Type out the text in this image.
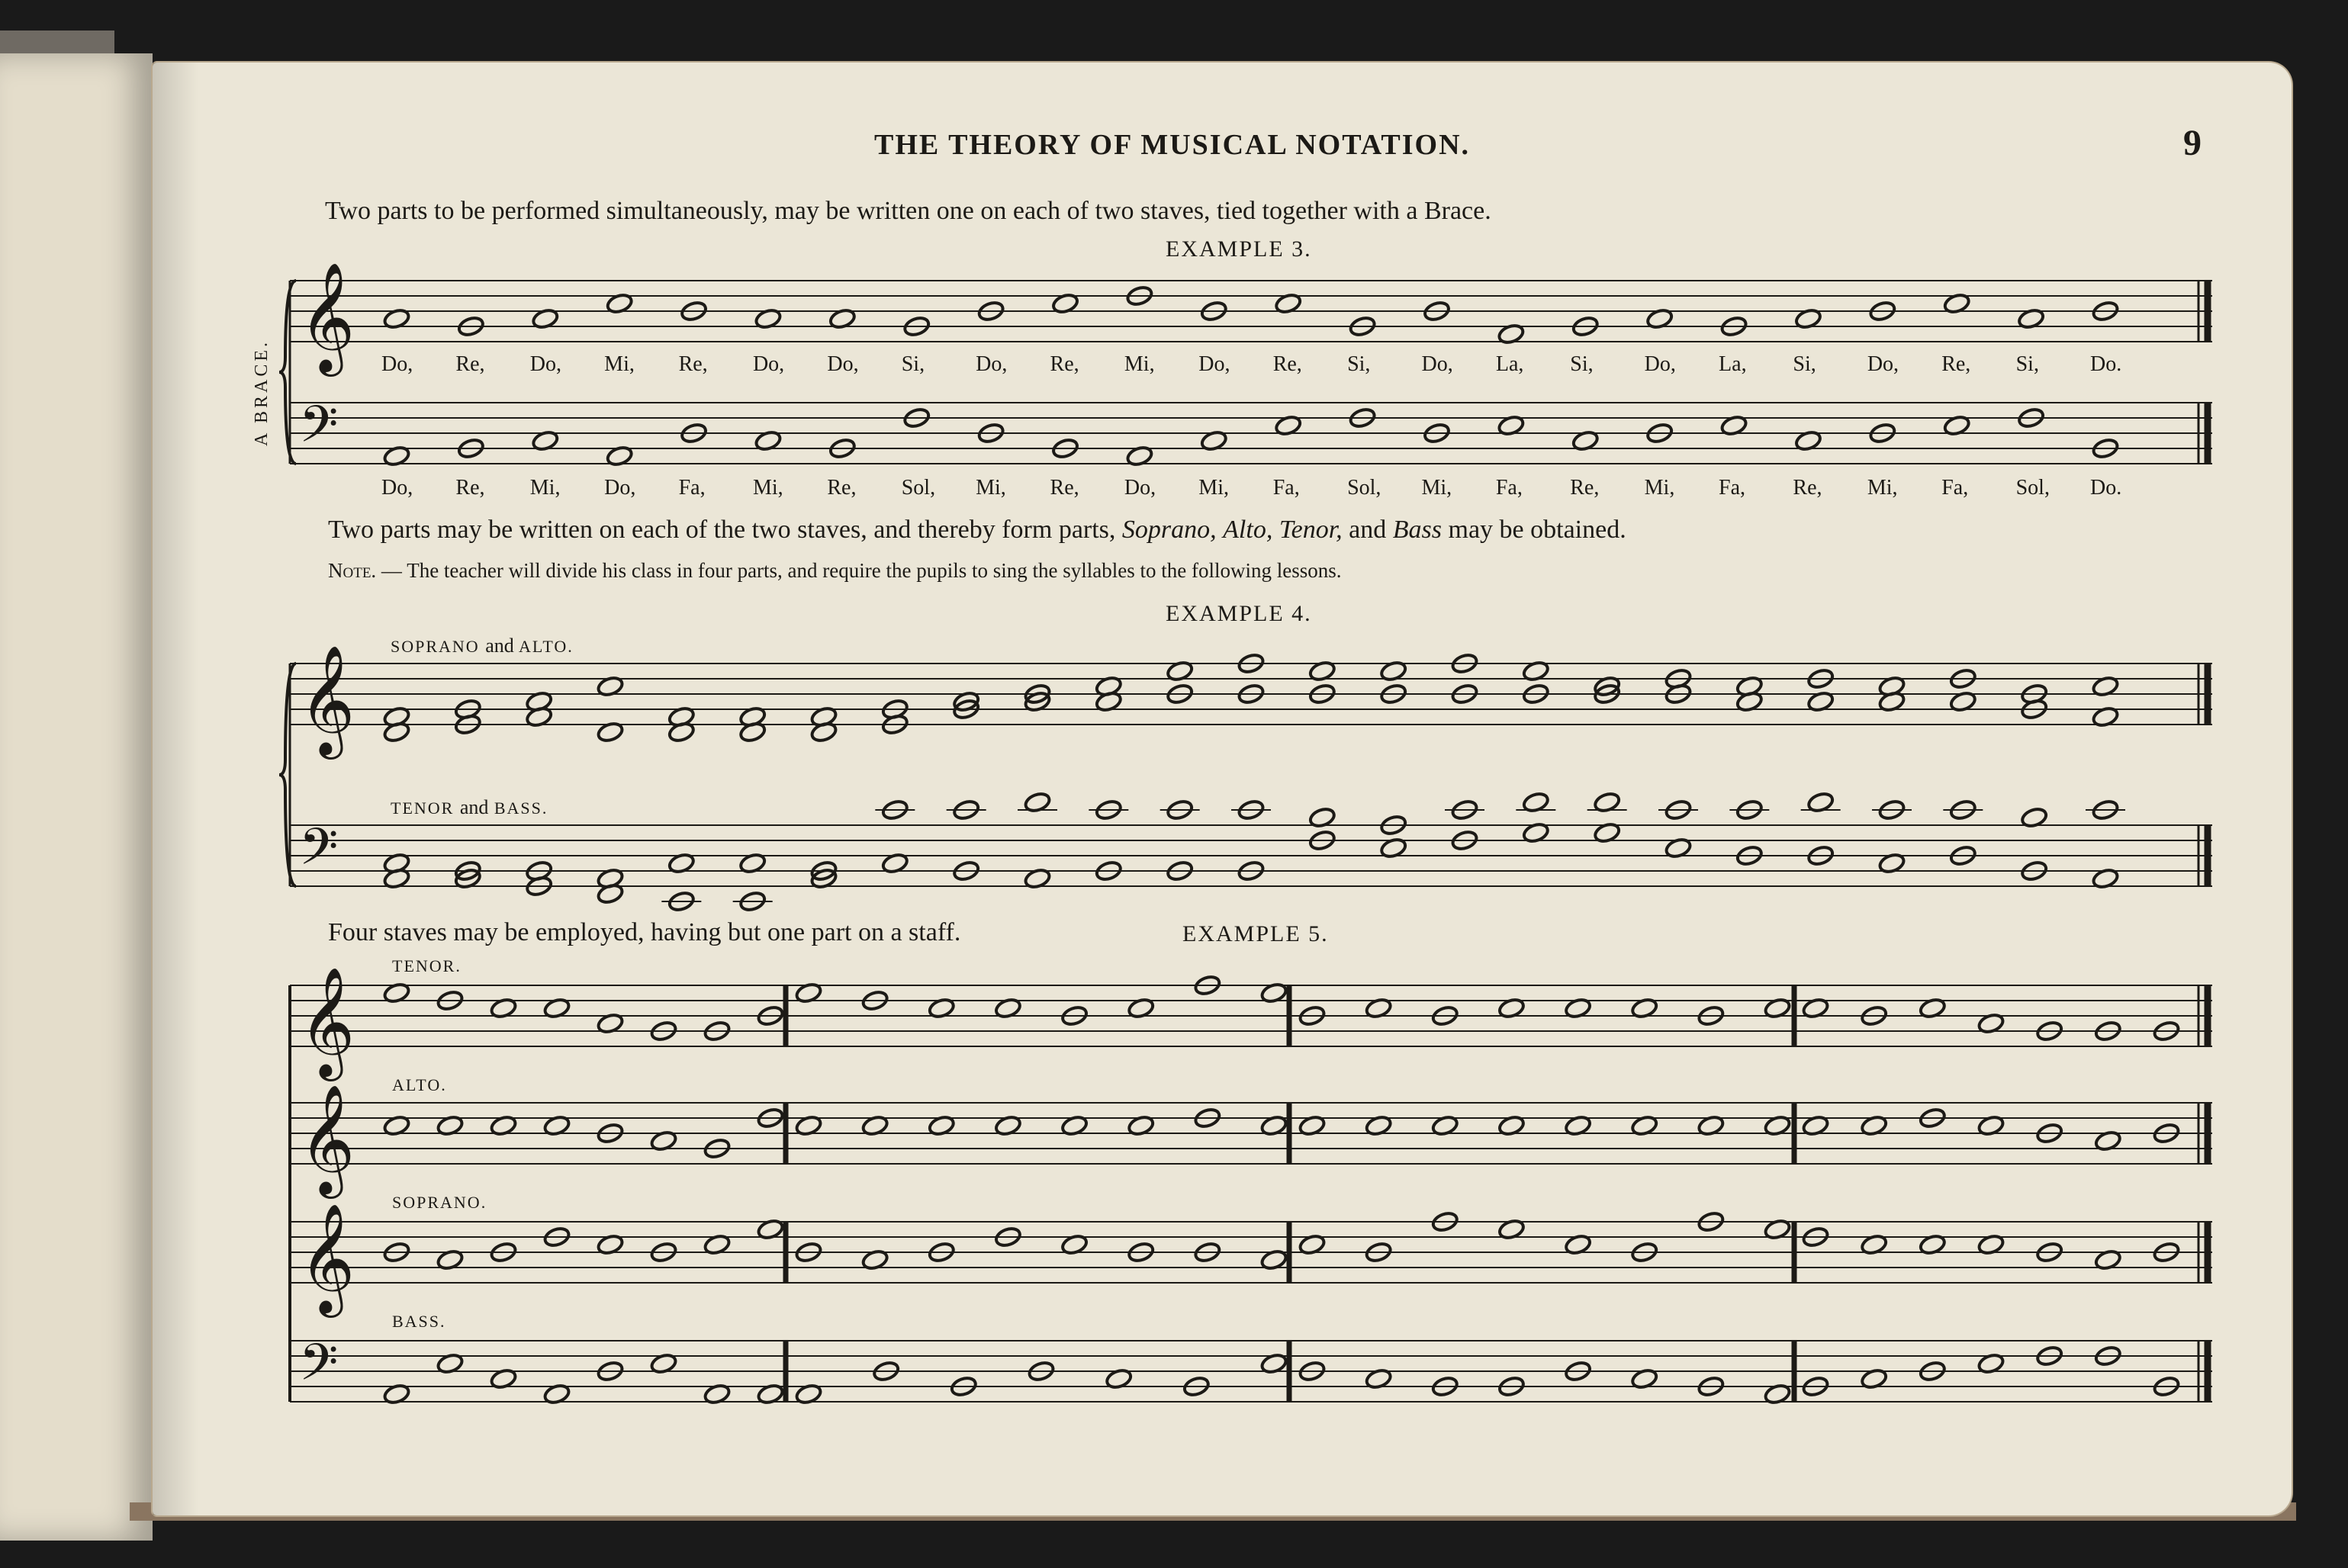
THE THEORY OF MUSICAL NOTATION.	9
Two parts to be performed simultaneously, may be written one on each of two staves, tied together with a Brace.
EXAMPLE 3.
A BRACE.	Do, Re, Do, Mi, Re, Do, Do, Si, Do, Re, Mi, Do, Re, Si, Do, La, Si, Do, La, Si, Do, Re, Si, Do.
Do, Re, Mi, Do, Fa, Mi, Re, Sol, Mi, Re, Do, Mi, Fa, Sol, Mi, Fa, Re, Mi, Fa, Re, Mi, Fa, Sol, Do.
Two parts may be written on each of the two staves, and thereby form parts, Soprano, Alto, Tenor, and Bass may be obtained.
Note. — The teacher will divide his class in four parts, and require the pupils to sing the syllables to the following lessons.
EXAMPLE 4.
SOPRANO and ALTO.
TENOR and BASS.
Four staves may be employed, having but one part on a staff.	EXAMPLE 5.
TENOR.
ALTO.
SOPRANO.
BASS.
𝄞
𝄢
𝄞
𝄢
𝄞
𝄞
𝄞
𝄢
